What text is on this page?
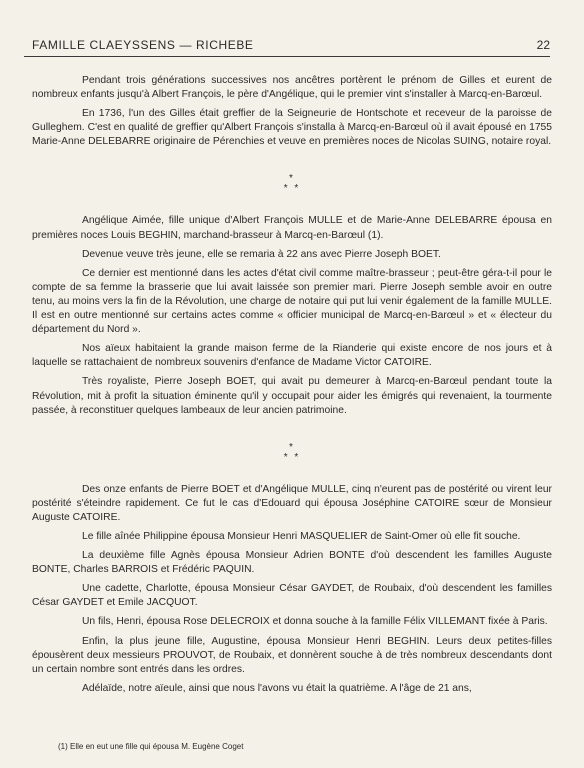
FAMILLE CLAEYSSENS — RICHEBE	22

Pendant trois générations successives nos ancêtres portèrent le prénom de Gilles et eurent de nombreux enfants jusqu'à Albert François, le père d'Angélique, qui le premier vint s'installer à Marcq-en-Barœul.

En 1736, l'un des Gilles était greffier de la Seigneurie de Hontschote et receveur de la paroisse de Gulleghem. C'est en qualité de greffier qu'Albert François s'installa à Marcq-en-Barœul où il avait épousé en 1755 Marie-Anne DELEBARRE originaire de Pérenchies et veuve en premières noces de Nicolas SUING, notaire royal.

*
* *

Angélique Aimée, fille unique d'Albert François MULLE et de Marie-Anne DELEBARRE épousa en premières noces Louis BEGHIN, marchand-brasseur à Marcq-en-Barœul (1).

Devenue veuve très jeune, elle se remaria à 22 ans avec Pierre Joseph BOET.

Ce dernier est mentionné dans les actes d'état civil comme maître-brasseur ; peut-être géra-t-il pour le compte de sa femme la brasserie que lui avait laissée son premier mari. Pierre Joseph semble avoir en outre tenu, au moins vers la fin de la Révolution, une charge de notaire qui put lui venir également de la famille MULLE. Il est en outre mentionné sur certains actes comme « officier municipal de Marcq-en-Barœul » et « électeur du département du Nord ».

Nos aïeux habitaient la grande maison ferme de la Rianderie qui existe encore de nos jours et à laquelle se rattachaient de nombreux souvenirs d'enfance de Madame Victor CATOIRE.

Très royaliste, Pierre Joseph BOET, qui avait pu demeurer à Marcq-en-Barœul pendant toute la Révolution, mit à profit la situation éminente qu'il y occupait pour aider les émigrés qui revenaient, la tourmente passée, à reconstituer quelques lambeaux de leur ancien patrimoine.

*
* *

Des onze enfants de Pierre BOET et d'Angélique MULLE, cinq n'eurent pas de postérité ou virent leur postérité s'éteindre rapidement. Ce fut le cas d'Edouard qui épousa Joséphine CATOIRE sœur de Monsieur Auguste CATOIRE.

Le fille aînée Philippine épousa Monsieur Henri MASQUELIER de Saint-Omer où elle fit souche.

La deuxième fille Agnès épousa Monsieur Adrien BONTE d'où descendent les familles Auguste BONTE, Charles BARROIS et Frédéric PAQUIN.

Une cadette, Charlotte, épousa Monsieur César GAYDET, de Roubaix, d'où descendent les familles César GAYDET et Emile JACQUOT.

Un fils, Henri, épousa Rose DELECROIX et donna souche à la famille Félix VILLEMANT fixée à Paris.

Enfin, la plus jeune fille, Augustine, épousa Monsieur Henri BEGHIN. Leurs deux petites-filles épousèrent deux messieurs PROUVOT, de Roubaix, et donnèrent souche à de très nombreux descendants dont un certain nombre sont entrés dans les ordres.

Adélaïde, notre aïeule, ainsi que nous l'avons vu était la quatrième. A l'âge de 21 ans,

(1) Elle en eut une fille qui épousa M. Eugène Coget
